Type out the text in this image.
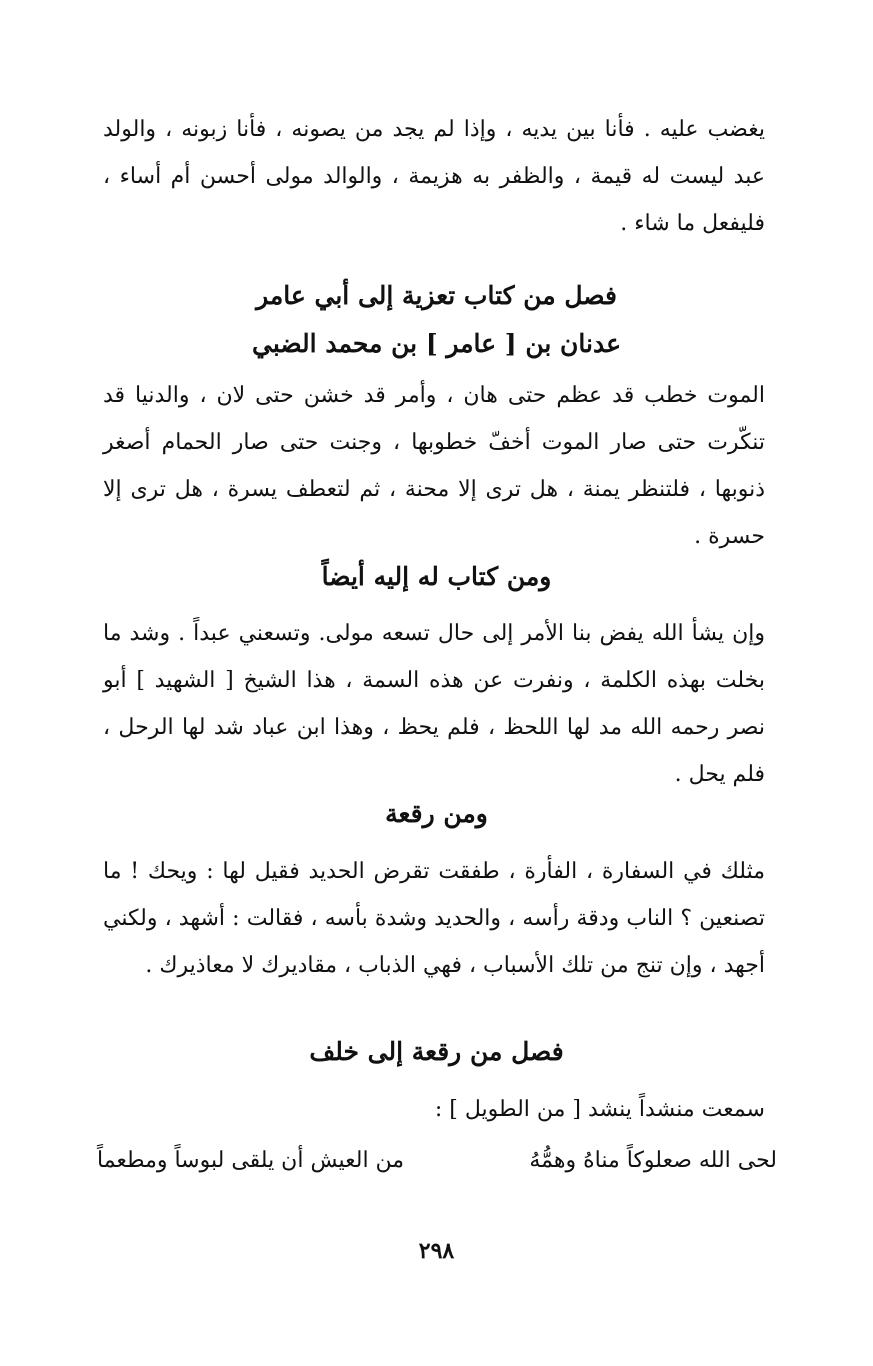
يغضب عليه . فأنا بين يديه ، وإذا لم يجد من يصونه ، فأنا زبونه ، والولد عبد ليست له قيمة ، والظفر به هزيمة ، والوالد مولى أحسن أم أساء ، فليفعل ما شاء .

فصل من كتاب تعزية إلى أبي عامر
عدنان بن [ عامر ] بن محمد الضبي

الموت خطب قد عظم حتى هان ، وأمر قد خشن حتى لان ، والدنيا قد تنكّرت حتى صار الموت أخفّ خطوبها ، وجنت حتى صار الحمام أصغر ذنوبها ، فلتنظر يمنة ، هل ترى إلا محنة ، ثم لتعطف يسرة ، هل ترى إلا حسرة .

ومن كتاب له إليه أيضاً

وإن يشأ الله يفض بنا الأمر إلى حال تسعه مولى. وتسعني عبداً . وشد ما بخلت بهذه الكلمة ، ونفرت عن هذه السمة ، هذا الشيخ [ الشهيد ] أبو نصر رحمه الله مد لها اللحظ ، فلم يحظ ، وهذا ابن عباد شد لها الرحل ، فلم يحل .

ومن رقعة

مثلك في السفارة ، الفأرة ، طفقت تقرض الحديد فقيل لها : ويحك ! ما تصنعين ؟ الناب ودقة رأسه ، والحديد وشدة بأسه ، فقالت : أشهد ، ولكني أجهد ، وإن تنج من تلك الأسباب ، فهي الذباب ، مقاديرك لا معاذيرك .

فصل من رقعة إلى خلف
سمعت منشداً ينشد [ من الطويل ] :
لحى الله صعلوكاً مناهُ وهمُّهُ
من العيش أن يلقى لبوساً ومطعماً
٢٩٨
